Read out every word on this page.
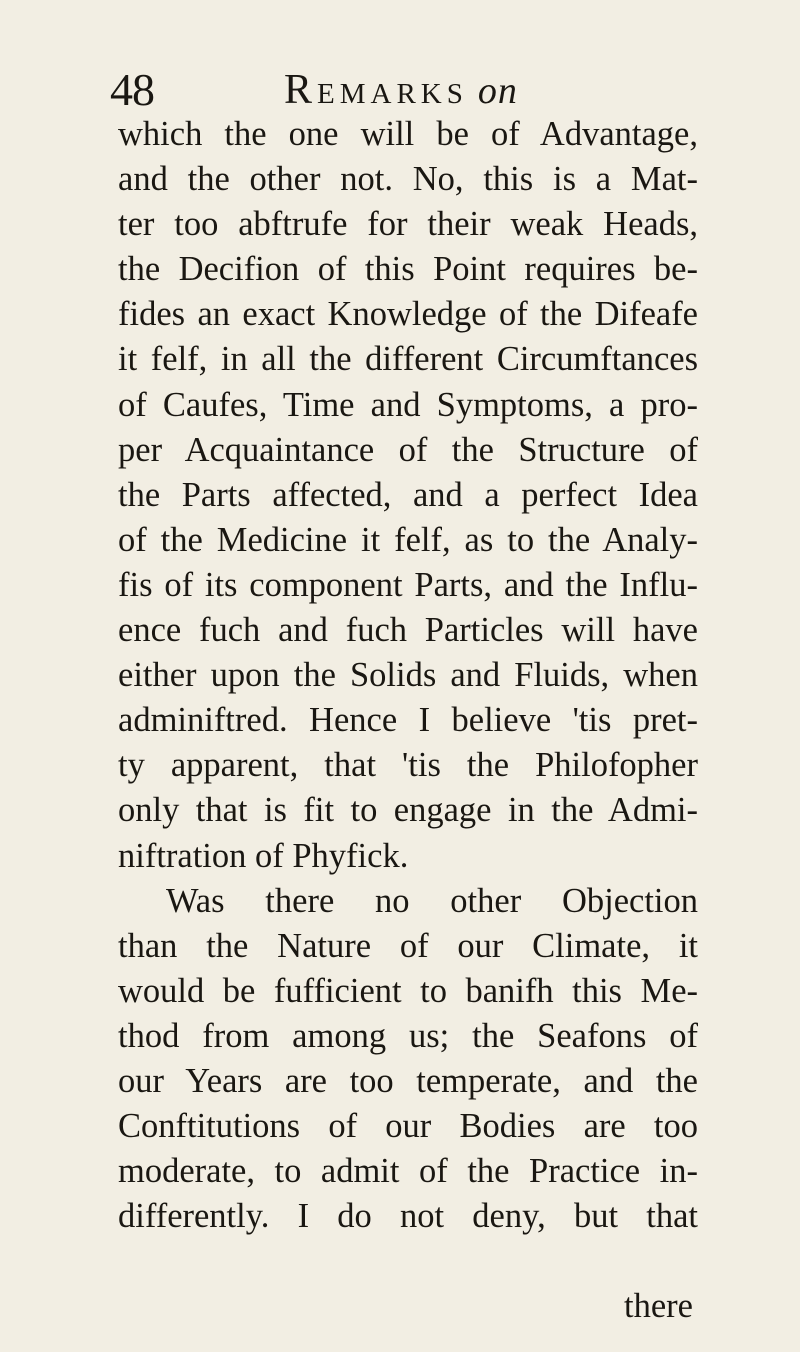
48	Remarks on
which the one will be of Advantage,
and the other not. No, this is a Mat-
ter too abftrufe for their weak Heads,
the Decifion of this Point requires be-
fides an exact Knowledge of the Difeafe
it felf, in all the different Circumftances
of Caufes, Time and Symptoms, a pro-
per Acquaintance of the Structure of
the Parts affected, and a perfect Idea
of the Medicine it felf, as to the Analy-
fis of its component Parts, and the Influ-
ence fuch and fuch Particles will have
either upon the Solids and Fluids, when
adminiftred. Hence I believe 'tis pret-
ty apparent, that 'tis the Philofopher
only that is fit to engage in the Admi-
niftration of Phyfick.
Was there no other Objection
than the Nature of our Climate, it
would be fufficient to banifh this Me-
thod from among us; the Seafons of
our Years are too temperate, and the
Conftitutions of our Bodies are too
moderate, to admit of the Practice in-
differently. I do not deny, but that
there
